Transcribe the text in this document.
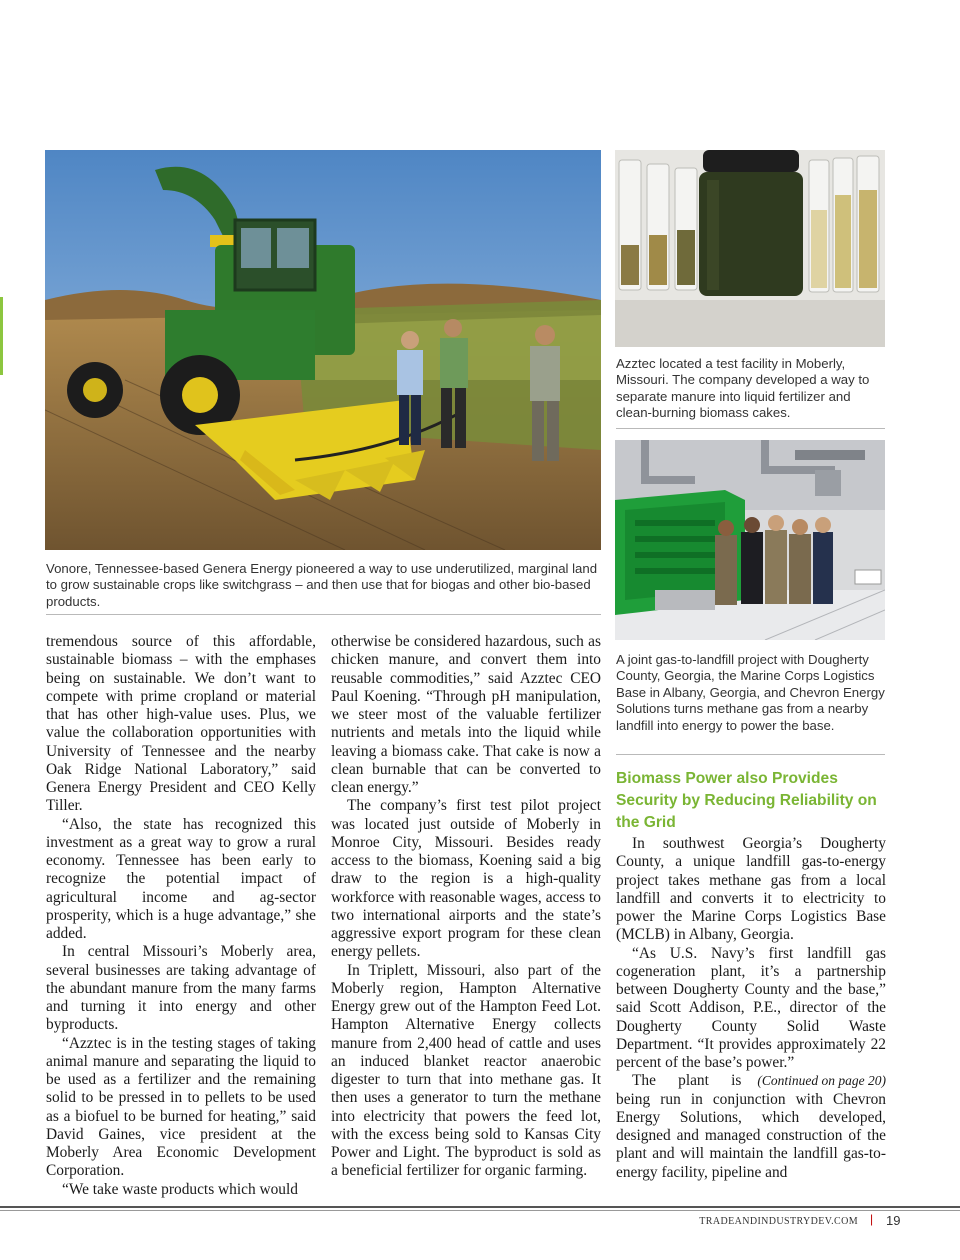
Azztec located a test facility in Moberly, Missouri. The company developed a way to separate manure into liquid fertilizer and clean-burning biomass cakes.
A joint gas-to-landfill project with Dougherty County, Georgia, the Marine Corps Logistics Base in Albany, Georgia, and Chevron Energy Solutions turns methane gas from a nearby landfill into energy to power the base.
Vonore, Tennessee-based Genera Energy pioneered a way to use underutilized, marginal land to grow sustainable crops like switchgrass – and then use that for biogas and other bio-based products.

tremendous source of this affordable, sustainable biomass – with the emphases being on sustainable. We don’t want to compete with prime cropland or material that has other high-value uses. Plus, we value the collaboration opportunities with University of Tennessee and the nearby Oak Ridge National Laboratory,” said Genera Energy President and CEO Kelly Tiller.

“Also, the state has recognized this investment as a great way to grow a rural economy. Tennessee has been early to recognize the potential impact of agricultural income and ag-sector prosperity, which is a huge advantage,” she added.

In central Missouri’s Moberly area, several businesses are taking advantage of the abundant manure from the many farms and turning it into energy and other byproducts.

“Azztec is in the testing stages of taking animal manure and separating the liquid to be used as a fertilizer and the remaining solid to be pressed in to pellets to be used as a biofuel to be burned for heating,” said David Gaines, vice president at the Moberly Area Economic Development Corporation.

“We take waste products which would

otherwise be considered hazardous, such as chicken manure, and convert them into reusable commodities,” said Azztec CEO Paul Koening. “Through pH manipulation, we steer most of the valuable fertilizer nutrients and metals into the liquid while leaving a biomass cake. That cake is now a clean burnable that can be converted to clean energy.”

The company’s first test pilot project was located just outside of Moberly in Monroe City, Missouri. Besides ready access to the biomass, Koening said a big draw to the region is a high-quality workforce with reasonable wages, access to two international airports and the state’s aggressive export program for these clean energy pellets.

In Triplett, Missouri, also part of the Moberly region, Hampton Alternative Energy grew out of the Hampton Feed Lot. Hampton Alternative Energy collects manure from 2,400 head of cattle and uses an induced blanket reactor anaerobic digester to turn that into methane gas. It then uses a generator to turn the methane into electricity that powers the feed lot, with the excess being sold to Kansas City Power and Light. The byproduct is sold as a beneficial fertilizer for organic farming.

Biomass Power also Provides Security by Reducing Reliability on the Grid

In southwest Georgia’s Dougherty County, a unique landfill gas-to-energy project takes methane gas from a local landfill and converts it to electricity to power the Marine Corps Logistics Base (MCLB) in Albany, Georgia.

“As U.S. Navy’s first landfill gas cogeneration plant, it’s a partnership between Dougherty County and the base,” said Scott Addison, P.E., director of the Dougherty County Solid Waste Department. “It provides approximately 22 percent of the base’s power.”

(Continued on page 20)
The plant is being run in conjunction with Chevron Energy Solutions, which developed, designed and managed construction of the plant and will maintain the landfill gas-to-energy facility, pipeline and

TRADEANDINDUSTRYDEV.COM | 19
